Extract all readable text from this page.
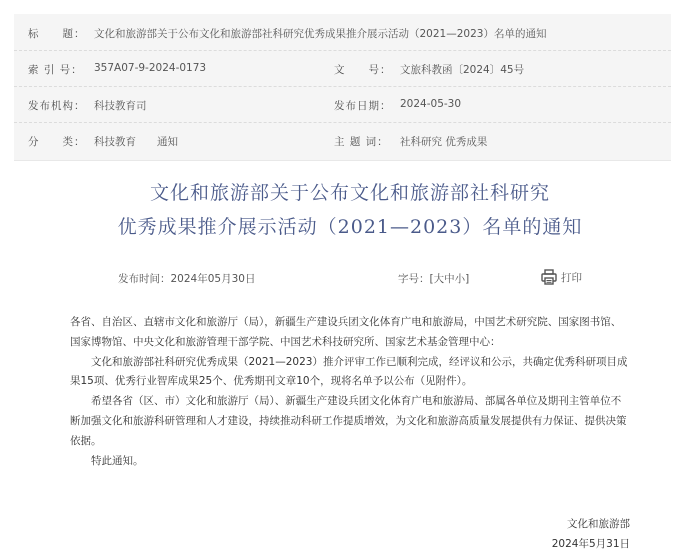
标　　题： 文化和旅游部关于公布文化和旅游部社科研究优秀成果推介展示活动（2021—2023）名单的通知
索 引 号： 357A07-9-2024-0173	文　　号： 文旅科教函〔2024〕45号
发布机构： 科技教育司	发布日期： 2024-05-30
分　　类： 科技教育　　通知	主 题 词： 社科研究 优秀成果
文化和旅游部关于公布文化和旅游部社科研究
优秀成果推介展示活动（2021—2023）名单的通知
发布时间：2024年05月30日	字号：[大中小]	打印

各省、自治区、直辖市文化和旅游厅（局），新疆生产建设兵团文化体育广电和旅游局，中国艺术研究院、国家图书馆、国家博物馆、中央文化和旅游管理干部学院、中国艺术科技研究所、国家艺术基金管理中心：

文化和旅游部社科研究优秀成果（2021—2023）推介评审工作已顺利完成，经评议和公示，共确定优秀科研项目成果15项、优秀行业智库成果25个、优秀期刊文章10个，现将名单予以公布（见附件）。

希望各省（区、市）文化和旅游厅（局）、新疆生产建设兵团文化体育广电和旅游局、部属各单位及期刊主管单位不断加强文化和旅游科研管理和人才建设，持续推动科研工作提质增效，为文化和旅游高质量发展提供有力保证、提供决策依据。

特此通知。

文化和旅游部
2024年5月31日
